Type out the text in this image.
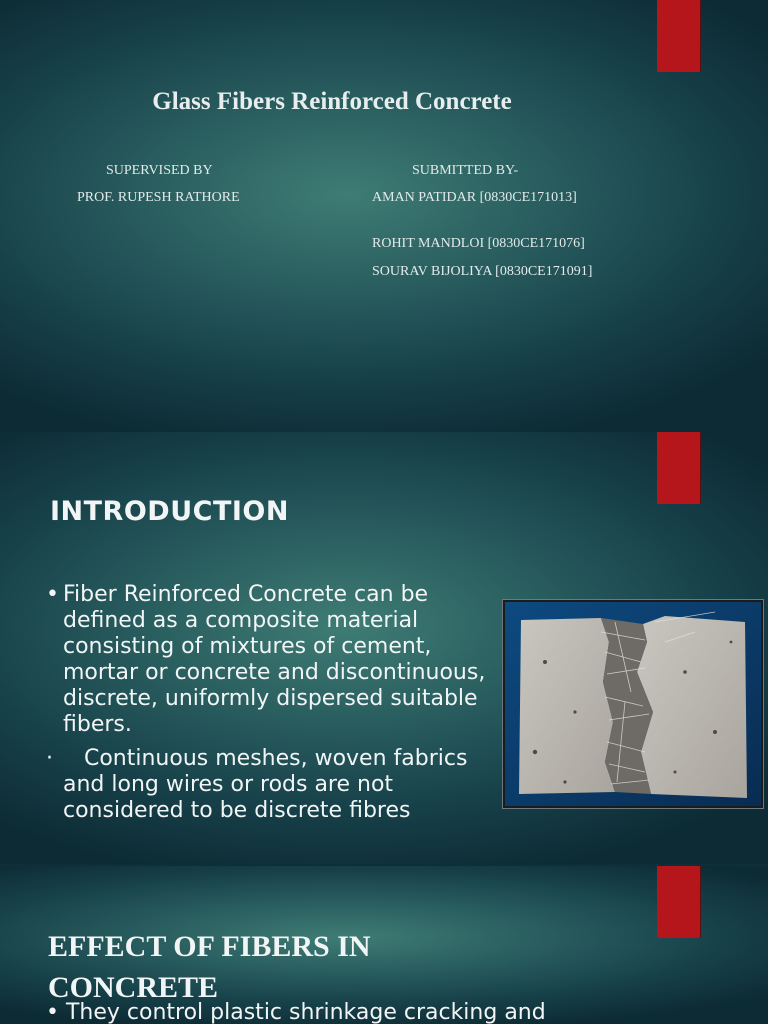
Glass Fibers Reinforced Concrete
SUPERVISED BY
PROF. RUPESH RATHORE
SUBMITTED BY-
AMAN PATIDAR [0830CE171013]
ROHIT MANDLOI [0830CE171076]
SOURAV BIJOLIYA [0830CE171091]
INTRODUCTION
• Fiber Reinforced Concrete can be defined as a composite material consisting of mixtures of cement, mortar or concrete and discontinuous, discrete, uniformly dispersed suitable fibers.
· Continuous meshes, woven fabrics  and long wires or rods are not  considered to be discrete fibres
EFFECT OF FIBERS IN CONCRETE
• They control plastic shrinkage cracking and
